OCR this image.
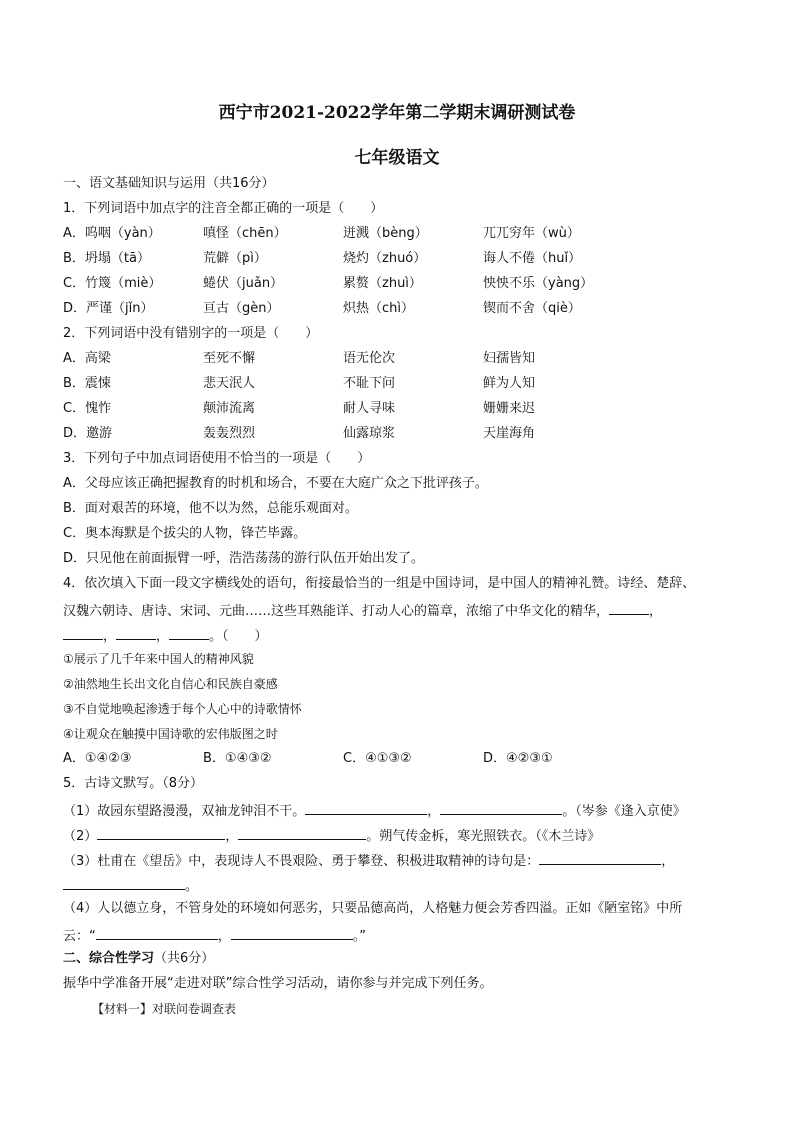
西宁市2021-2022学年第二学期末调研测试卷
七年级语文
一、语文基础知识与运用（共16分）
1．下列词语中加点字的注音全都正确的一项是（　　）
A．呜咽（yàn）	嗔怪（chēn）	迸溅（bèng）	兀兀穷年（wù）
B．坍塌（tā）	荒僻（pì）	烧灼（zhuó）	诲人不倦（huǐ）
C．竹篾（miè）	蜷伏（juǎn）	累赘（zhuì）	怏怏不乐（yàng）
D．严谨（jǐn）	亘古（gèn）	炽热（chì）	锲而不舍（qiè）
2．下列词语中没有错别字的一项是（　　）
A．高梁	至死不懈	语无伦次	妇孺皆知
B．震悚	悲天泯人	不耻下问	鲜为人知
C．愧怍	颠沛流离	耐人寻味	姗姗来迟
D．邀游	轰轰烈烈	仙露琼浆	天崖海角
3．下列句子中加点词语使用不恰当的一项是（　　）
A．父母应该正确把握教育的时机和场合，不要在大庭广众之下批评孩子。
B．面对艰苦的环境，他不以为然，总能乐观面对。
C．奥本海默是个拔尖的人物，锋芒毕露。
D．只见他在前面振臂一呼，浩浩荡荡的游行队伍开始出发了。
4．依次填入下面一段文字横线处的语句，衔接最恰当的一组是中国诗词，是中国人的精神礼赞。诗经、楚辞、
汉魏六朝诗、唐诗、宋词、元曲……这些耳熟能详、打动人心的篇章，浓缩了中华文化的精华，	，
，	，	。（　　）
①展示了几千年来中国人的精神风貌
②油然地生长出文化自信心和民族自豪感
③不自觉地唤起渗透于每个人心中的诗歌情怀
④让观众在触摸中国诗歌的宏伟版图之时
A．①④②③	B．①④③②	C．④①③②	D．④②③①
5．古诗文默写。（8分）
（1）故园东望路漫漫，双袖龙钟泪不干。	，	。（岑参《逢入京使》
（2）	，	。朔气传金柝，寒光照铁衣。（《木兰诗》
（3）杜甫在《望岳》中，表现诗人不畏艰险、勇于攀登、积极进取精神的诗句是：	，
。
（4）人以德立身，不管身处的环境如何恶劣，只要品德高尚，人格魅力便会芳香四溢。正如《陋室铭》中所
云：“	，	。”
二、综合性学习（共6分）
振华中学准备开展“走进对联”综合性学习活动，请你参与并完成下列任务。
【材料一】对联问卷调查表
